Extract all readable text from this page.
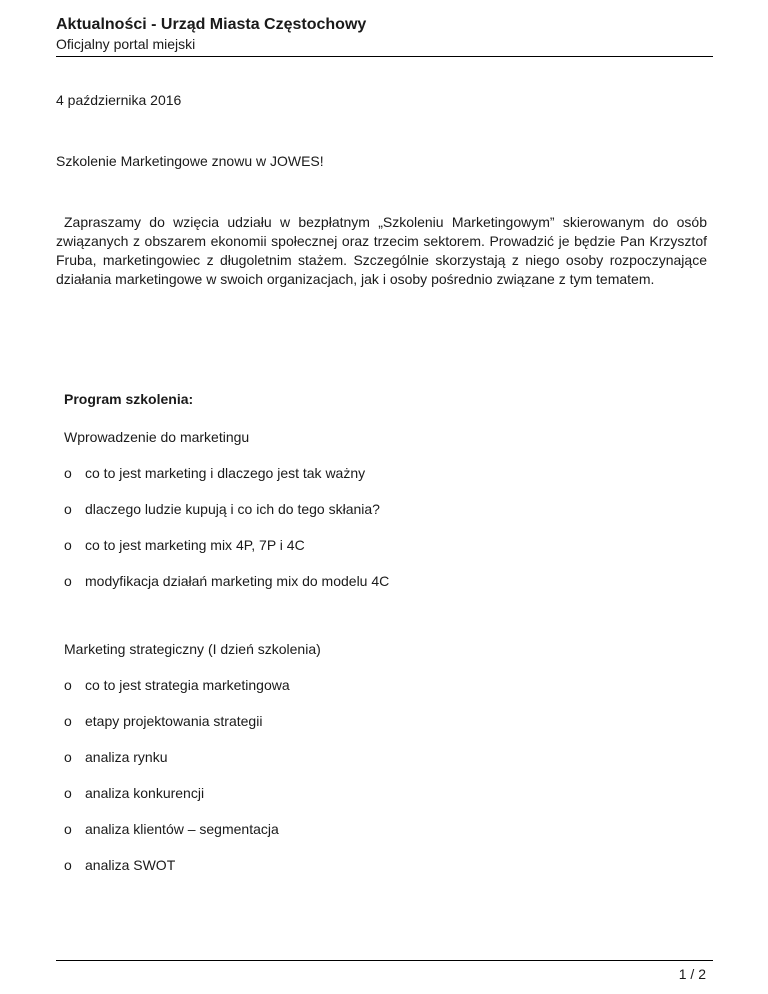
Aktualności - Urząd Miasta Częstochowy
Oficjalny portal miejski
4 października 2016
Szkolenie Marketingowe znowu w JOWES!

Zapraszamy do wzięcia udziału w bezpłatnym „Szkoleniu Marketingowym” skierowanym do osób związanych z obszarem ekonomii społecznej oraz trzecim sektorem. Prowadzić je będzie Pan Krzysztof Fruba, marketingowiec z długoletnim stażem. Szczególnie skorzystają z niego osoby rozpoczynające działania marketingowe w swoich organizacjach, jak i osoby pośrednio związane z tym tematem.

Program szkolenia:
Wprowadzenie do marketingu
o co to jest marketing i dlaczego jest tak ważny
o dlaczego ludzie kupują i co ich do tego skłania?
o co to jest marketing mix 4P, 7P i 4C
o modyfikacja działań marketing mix do modelu 4C
Marketing strategiczny (I dzień szkolenia)
o co to jest strategia marketingowa
o etapy projektowania strategii
o analiza rynku
o analiza konkurencji
o analiza klientów – segmentacja
o analiza SWOT
1 / 2
